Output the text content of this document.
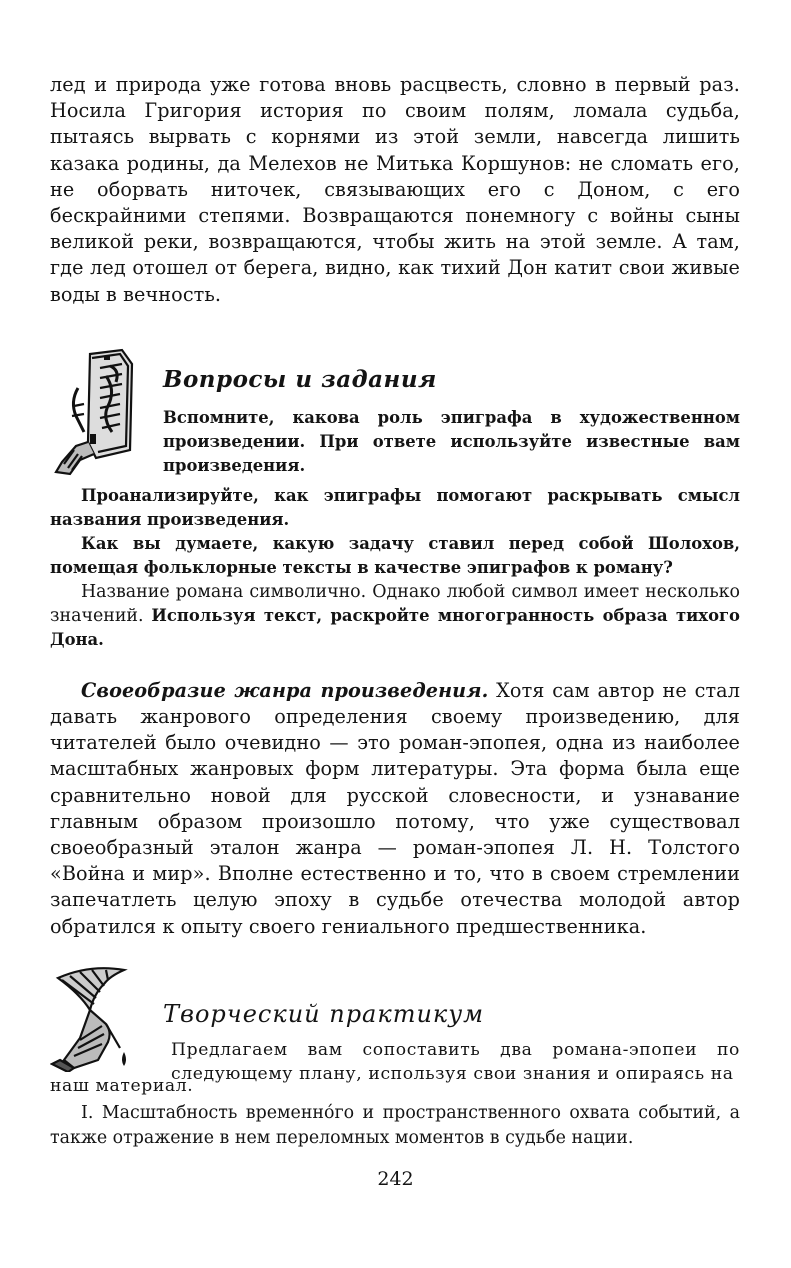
лед и природа уже готова вновь расцвесть, словно в первый раз. Носила Григория история по своим полям, ломала судьба, пытаясь вырвать с корнями из этой земли, навсегда лишить казака родины, да Мелехов не Митька Коршунов: не сломать его, не оборвать ниточек, связывающих его с Доном, с его бескрайними степями. Возвращаются понемногу с войны сыны великой реки, возвращаются, чтобы жить на этой земле. А там, где лед отошел от берега, видно, как тихий Дон катит свои живые воды в вечность.

Вопросы и задания

Вспомните, какова роль эпиграфа в художественном произведении. При ответе используйте известные вам произведения.

Проанализируйте, как эпиграфы помогают раскрывать смысл названия произведения.

Как вы думаете, какую задачу ставил перед собой Шолохов, помещая фольклорные тексты в качестве эпиграфов к роману?

Название романа символично. Однако любой символ имеет несколько значений. Используя текст, раскройте многогранность образа тихого Дона.

Своеобразие жанра произведения. Хотя сам автор не стал давать жанрового определения своему произведению, для читателей было очевидно — это роман-эпопея, одна из наиболее масштабных жанровых форм литературы. Эта форма была еще сравнительно новой для русской словесности, и узнавание главным образом произошло потому, что уже существовал своеобразный эталон жанра — роман-эпопея Л. Н. Толстого «Война и мир». Вполне естественно и то, что в своем стремлении запечатлеть целую эпоху в судьбе отечества молодой автор обратился к опыту своего гениального предшественника.

Творческий практикум

Предлагаем вам сопоставить два романа-эпопеи по следующему плану, используя свои знания и опираясь на

наш материал.

I. Масштабность временно́го и пространственного охвата событий, а также отражение в нем переломных моментов в судьбе нации.

242
